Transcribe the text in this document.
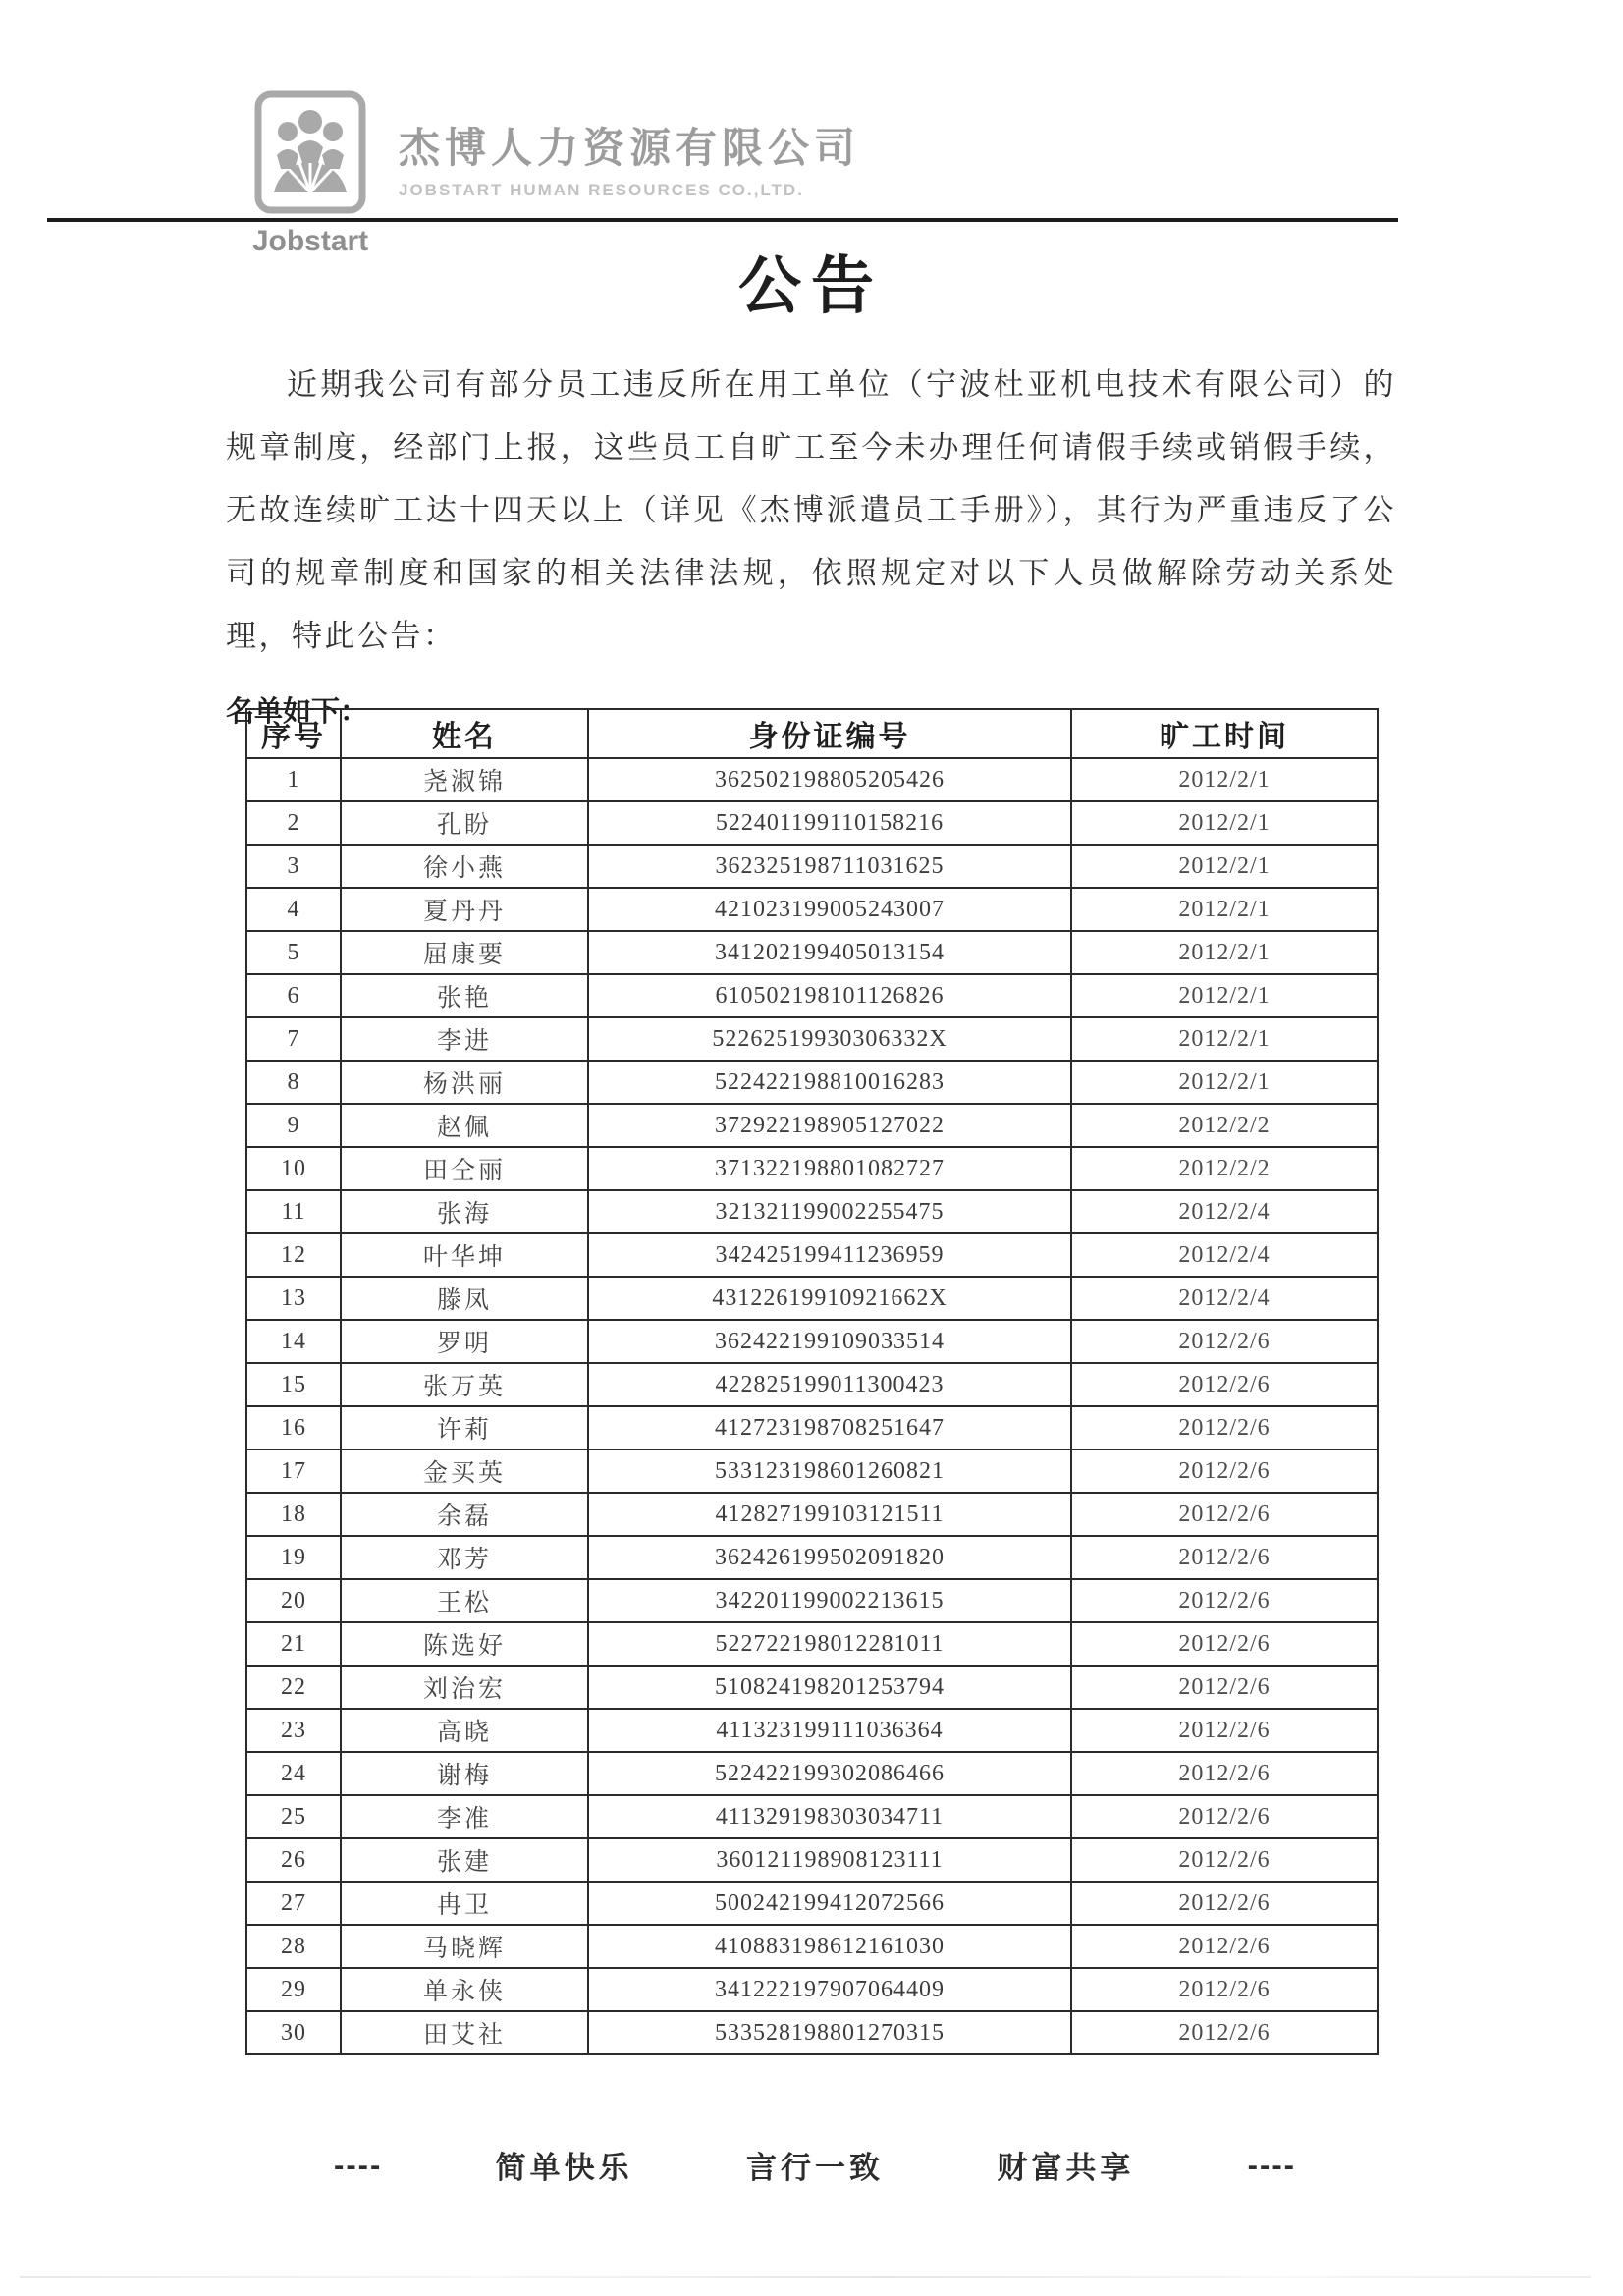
Jobstart
杰博人力资源有限公司
JOBSTART HUMAN RESOURCES CO.,LTD.
公告
近期我公司有部分员工违反所在用工单位（宁波杜亚机电技术有限公司）的规章制度，经部门上报，这些员工自旷工至今未办理任何请假手续或销假手续，无故连续旷工达十四天以上（详见《杰博派遣员工手册》），其行为严重违反了公司的规章制度和国家的相关法律法规，依照规定对以下人员做解除劳动关系处理，特此公告：
名单如下：
序号	姓名	身份证编号	旷工时间
1	尧淑锦	362502198805205426	2012/2/1
2	孔盼	522401199110158216	2012/2/1
3	徐小燕	362325198711031625	2012/2/1
4	夏丹丹	421023199005243007	2012/2/1
5	屈康要	341202199405013154	2012/2/1
6	张艳	610502198101126826	2012/2/1
7	李进	52262519930306332X	2012/2/1
8	杨洪丽	522422198810016283	2012/2/1
9	赵佩	372922198905127022	2012/2/2
10	田仝丽	371322198801082727	2012/2/2
11	张海	321321199002255475	2012/2/4
12	叶华坤	342425199411236959	2012/2/4
13	滕凤	43122619910921662X	2012/2/4
14	罗明	362422199109033514	2012/2/6
15	张万英	422825199011300423	2012/2/6
16	许莉	412723198708251647	2012/2/6
17	金买英	533123198601260821	2012/2/6
18	余磊	412827199103121511	2012/2/6
19	邓芳	362426199502091820	2012/2/6
20	王松	342201199002213615	2012/2/6
21	陈选好	522722198012281011	2012/2/6
22	刘治宏	510824198201253794	2012/2/6
23	高晓	411323199111036364	2012/2/6
24	谢梅	522422199302086466	2012/2/6
25	李准	411329198303034711	2012/2/6
26	张建	360121198908123111	2012/2/6
27	冉卫	500242199412072566	2012/2/6
28	马晓辉	410883198612161030	2012/2/6
29	单永侠	341222197907064409	2012/2/6
30	田艾社	533528198801270315	2012/2/6
----	简单快乐	言行一致	财富共享	----
